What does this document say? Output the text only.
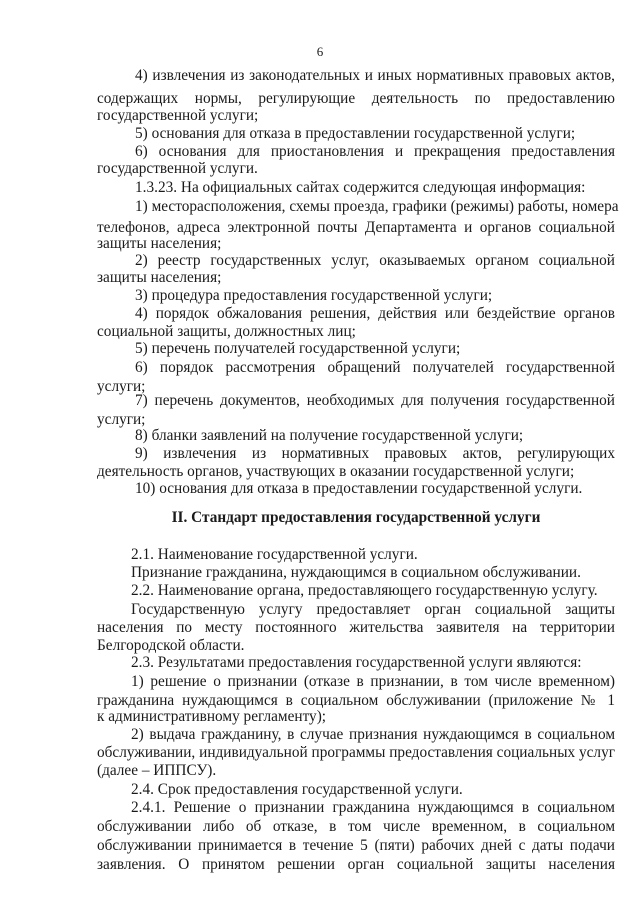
6
4) извлечения из законодательных и иных нормативных правовых актов,
содержащих нормы, регулирующие деятельность по предоставлению
государственной услуги;
5) основания для отказа в предоставлении государственной услуги;
6) основания для приостановления и прекращения предоставления
государственной услуги.
1.3.23. На официальных сайтах содержится следующая информация:
1) месторасположения, схемы проезда, графики (режимы) работы, номера
телефонов, адреса электронной почты Департамента и органов социальной
защиты населения;
2) реестр государственных услуг, оказываемых органом социальной
защиты населения;
3) процедура предоставления государственной услуги;
4) порядок обжалования решения, действия или бездействие органов
социальной защиты, должностных лиц;
5) перечень получателей государственной услуги;
6) порядок рассмотрения обращений получателей государственной
услуги;
7) перечень документов, необходимых для получения государственной
услуги;
8) бланки заявлений на получение государственной услуги;
9) извлечения из нормативных правовых актов, регулирующих
деятельность органов, участвующих в оказании государственной услуги;
10) основания для отказа в предоставлении государственной услуги.
II. Стандарт предоставления государственной услуги
2.1. Наименование государственной услуги.
Признание гражданина, нуждающимся в социальном обслуживании.
2.2. Наименование органа, предоставляющего государственную услугу.
Государственную услугу предоставляет орган социальной защиты
населения по месту постоянного жительства заявителя на территории
Белгородской области.
2.3. Результатами предоставления государственной услуги являются:
1) решение о признании (отказе в признании, в том числе временном)
гражданина нуждающимся в социальном обслуживании (приложение № 1
к административному регламенту);
2) выдача гражданину, в случае признания нуждающимся в социальном
обслуживании, индивидуальной программы предоставления социальных услуг
(далее – ИППСУ).
2.4. Срок предоставления государственной услуги.
2.4.1. Решение о признании гражданина нуждающимся в социальном
обслуживании либо об отказе, в том числе временном, в социальном
обслуживании принимается в течение 5 (пяти) рабочих дней с даты подачи
заявления. О принятом решении орган социальной защиты населения
